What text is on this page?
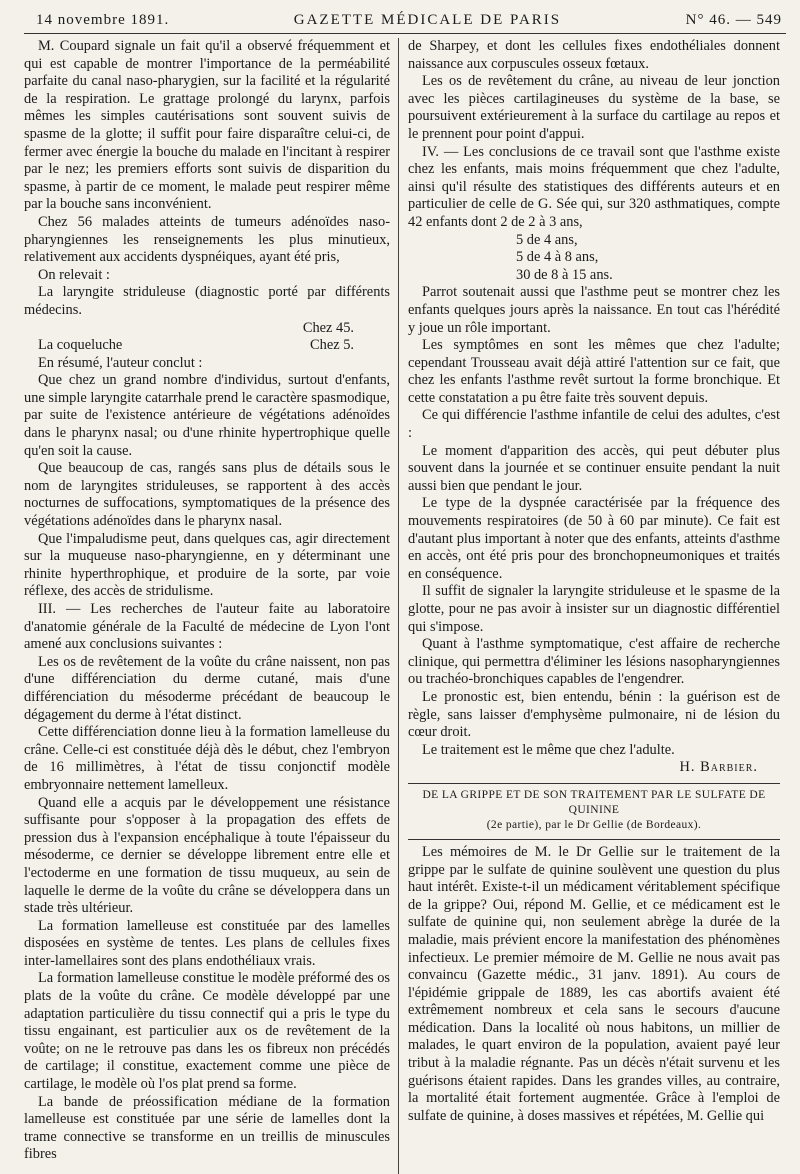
14 novembre 1891.	GAZETTE MÉDICALE DE PARIS	N° 46. — 549

M. Coupard signale un fait qu'il a observé fréquemment et qui est capable de montrer l'importance de la perméabilité parfaite du canal naso-pharygien, sur la facilité et la régularité de la respiration. Le grattage prolongé du larynx, parfois mêmes les simples cautérisations sont souvent suivis de spasme de la glotte; il suffit pour faire disparaître celui-ci, de fermer avec énergie la bouche du malade en l'incitant à respirer par le nez; les premiers efforts sont suivis de disparition du spasme, à partir de ce moment, le malade peut respirer même par la bouche sans inconvénient.

Chez 56 malades atteints de tumeurs adénoïdes naso-pharyngiennes les renseignements les plus minutieux, relativement aux accidents dyspnéiques, ayant été pris,

On relevait :

La laryngite striduleuse (diagnostic porté par différents médecins.

Chez 45.

La coqueluche	Chez 5.

En résumé, l'auteur conclut :

Que chez un grand nombre d'individus, surtout d'enfants, une simple laryngite catarrhale prend le caractère spasmodique, par suite de l'existence antérieure de végétations adénoïdes dans le pharynx nasal; ou d'une rhinite hypertrophique quelle qu'en soit la cause.

Que beaucoup de cas, rangés sans plus de détails sous le nom de laryngites striduleuses, se rapportent à des accès nocturnes de suffocations, symptomatiques de la présence des végétations adénoïdes dans le pharynx nasal.

Que l'impaludisme peut, dans quelques cas, agir directement sur la muqueuse naso-pharyngienne, en y déterminant une rhinite hyperthrophique, et produire de la sorte, par voie réflexe, des accès de stridulisme.

III. — Les recherches de l'auteur faite au laboratoire d'anatomie générale de la Faculté de médecine de Lyon l'ont amené aux conclusions suivantes :

Les os de revêtement de la voûte du crâne naissent, non pas d'une différenciation du derme cutané, mais d'une différenciation du mésoderme précédant de beaucoup le dégagement du derme à l'état distinct.

Cette différenciation donne lieu à la formation lamelleuse du crâne. Celle-ci est constituée déjà dès le début, chez l'embryon de 16 millimètres, à l'état de tissu conjonctif modèle embryonnaire nettement lamelleux.

Quand elle a acquis par le développement une résistance suffisante pour s'opposer à la propagation des effets de pression dus à l'expansion encéphalique à toute l'épaisseur du mésoderme, ce dernier se développe librement entre elle et l'ectoderme en une formation de tissu muqueux, au sein de laquelle le derme de la voûte du crâne se développera dans un stade très ultérieur.

La formation lamelleuse est constituée par des lamelles disposées en système de tentes. Les plans de cellules fixes inter-lamellaires sont des plans endothéliaux vrais.

La formation lamelleuse constitue le modèle préformé des os plats de la voûte du crâne. Ce modèle développé par une adaptation particulière du tissu connectif qui a pris le type du tissu engainant, est particulier aux os de revêtement de la voûte; on ne le retrouve pas dans les os fibreux non précédés de cartilage; il constitue, exactement comme une pièce de cartilage, le modèle où l'os plat prend sa forme.

La bande de préossification médiane de la formation lamelleuse est constituée par une série de lamelles dont la trame connective se transforme en un treillis de minuscules fibres

de Sharpey, et dont les cellules fixes endothéliales donnent naissance aux corpuscules osseux fœtaux.

Les os de revêtement du crâne, au niveau de leur jonction avec les pièces cartilagineuses du système de la base, se poursuivent extérieurement à la surface du cartilage au repos et le prennent pour point d'appui.

IV. — Les conclusions de ce travail sont que l'asthme existe chez les enfants, mais moins fréquemment que chez l'adulte, ainsi qu'il résulte des statistiques des différents auteurs et en particulier de celle de G. Sée qui, sur 320 asthmatiques, compte 42 enfants dont 2 de 2 à 3 ans,

5 de 4 ans,

5 de 4 à 8 ans,

30 de 8 à 15 ans.

Parrot soutenait aussi que l'asthme peut se montrer chez les enfants quelques jours après la naissance. En tout cas l'hérédité y joue un rôle important.

Les symptômes en sont les mêmes que chez l'adulte; cependant Trousseau avait déjà attiré l'attention sur ce fait, que chez les enfants l'asthme revêt surtout la forme bronchique. Et cette constatation a pu être faite très souvent depuis.

Ce qui différencie l'asthme infantile de celui des adultes, c'est :

Le moment d'apparition des accès, qui peut débuter plus souvent dans la journée et se continuer ensuite pendant la nuit aussi bien que pendant le jour.

Le type de la dyspnée caractérisée par la fréquence des mouvements respiratoires (de 50 à 60 par minute). Ce fait est d'autant plus important à noter que des enfants, atteints d'asthme en accès, ont été pris pour des bronchopneumoniques et traités en conséquence.

Il suffit de signaler la laryngite striduleuse et le spasme de la glotte, pour ne pas avoir à insister sur un diagnostic différentiel qui s'impose.

Quant à l'asthme symptomatique, c'est affaire de recherche clinique, qui permettra d'éliminer les lésions nasopharyngiennes ou trachéo-bronchiques capables de l'engendrer.

Le pronostic est, bien entendu, bénin : la guérison est de règle, sans laisser d'emphysème pulmonaire, ni de lésion du cœur droit.

Le traitement est le même que chez l'adulte.

H. Barbier.
DE LA GRIPPE ET DE SON TRAITEMENT PAR LE SULFATE DE QUININE
(2e partie), par le Dr Gellie (de Bordeaux).

Les mémoires de M. le Dr Gellie sur le traitement de la grippe par le sulfate de quinine soulèvent une question du plus haut intérêt. Existe-t-il un médicament véritablement spécifique de la grippe? Oui, répond M. Gellie, et ce médicament est le sulfate de quinine qui, non seulement abrège la durée de la maladie, mais prévient encore la manifestation des phénomènes infectieux. Le premier mémoire de M. Gellie ne nous avait pas convaincu (Gazette médic., 31 janv. 1891). Au cours de l'épidémie grippale de 1889, les cas abortifs avaient été extrêmement nombreux et cela sans le secours d'aucune médication. Dans la localité où nous habitons, un millier de malades, le quart environ de la population, avaient payé leur tribut à la maladie régnante. Pas un décès n'était survenu et les guérisons étaient rapides. Dans les grandes villes, au contraire, la mortalité était fortement augmentée. Grâce à l'emploi de sulfate de quinine, à doses massives et répétées, M. Gellie qui
